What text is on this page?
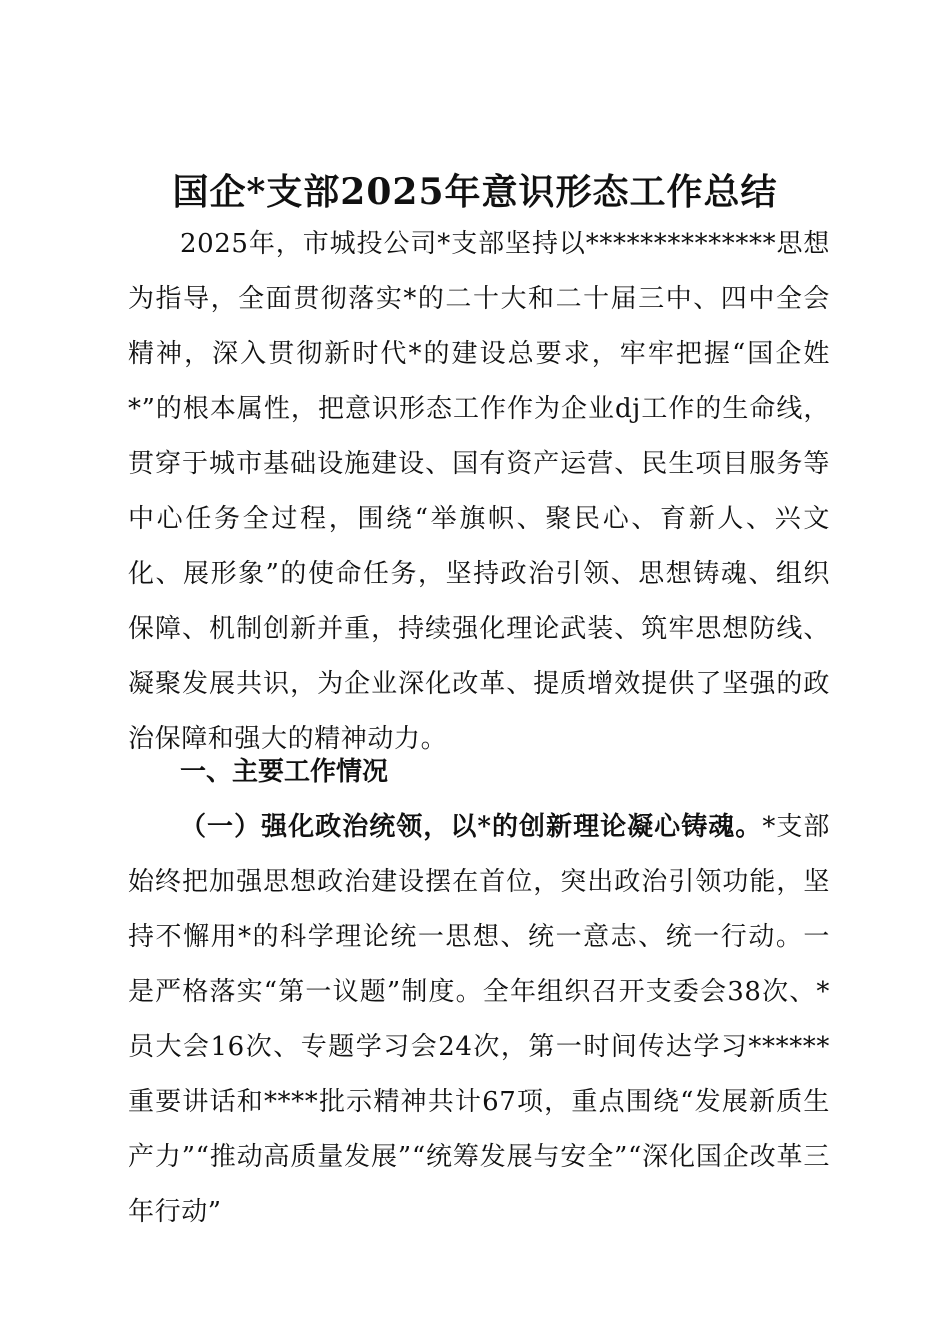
国企*支部2025年意识形态工作总结

2025年，市城投公司*支部坚持以**************思想为指导，全面贯彻落实*的二十大和二十届三中、四中全会精神，深入贯彻新时代*的建设总要求，牢牢把握“国企姓*”的根本属性，把意识形态工作作为企业dj工作的生命线，贯穿于城市基础设施建设、国有资产运营、民生项目服务等中心任务全过程，围绕“举旗帜、聚民心、育新人、兴文化、展形象”的使命任务，坚持政治引领、思想铸魂、组织保障、机制创新并重，持续强化理论武装、筑牢思想防线、凝聚发展共识，为企业深化改革、提质增效提供了坚强的政治保障和强大的精神动力。

一、主要工作情况

（一）强化政治统领，以*的创新理论凝心铸魂。*支部始终把加强思想政治建设摆在首位，突出政治引领功能，坚持不懈用*的科学理论统一思想、统一意志、统一行动。一是严格落实“第一议题”制度。全年组织召开支委会38次、*员大会16次、专题学习会24次，第一时间传达学习******重要讲话和****批示精神共计67项，重点围绕“发展新质生产力”“推动高质量发展”“统筹发展与安全”“深化国企改革三年行动”
